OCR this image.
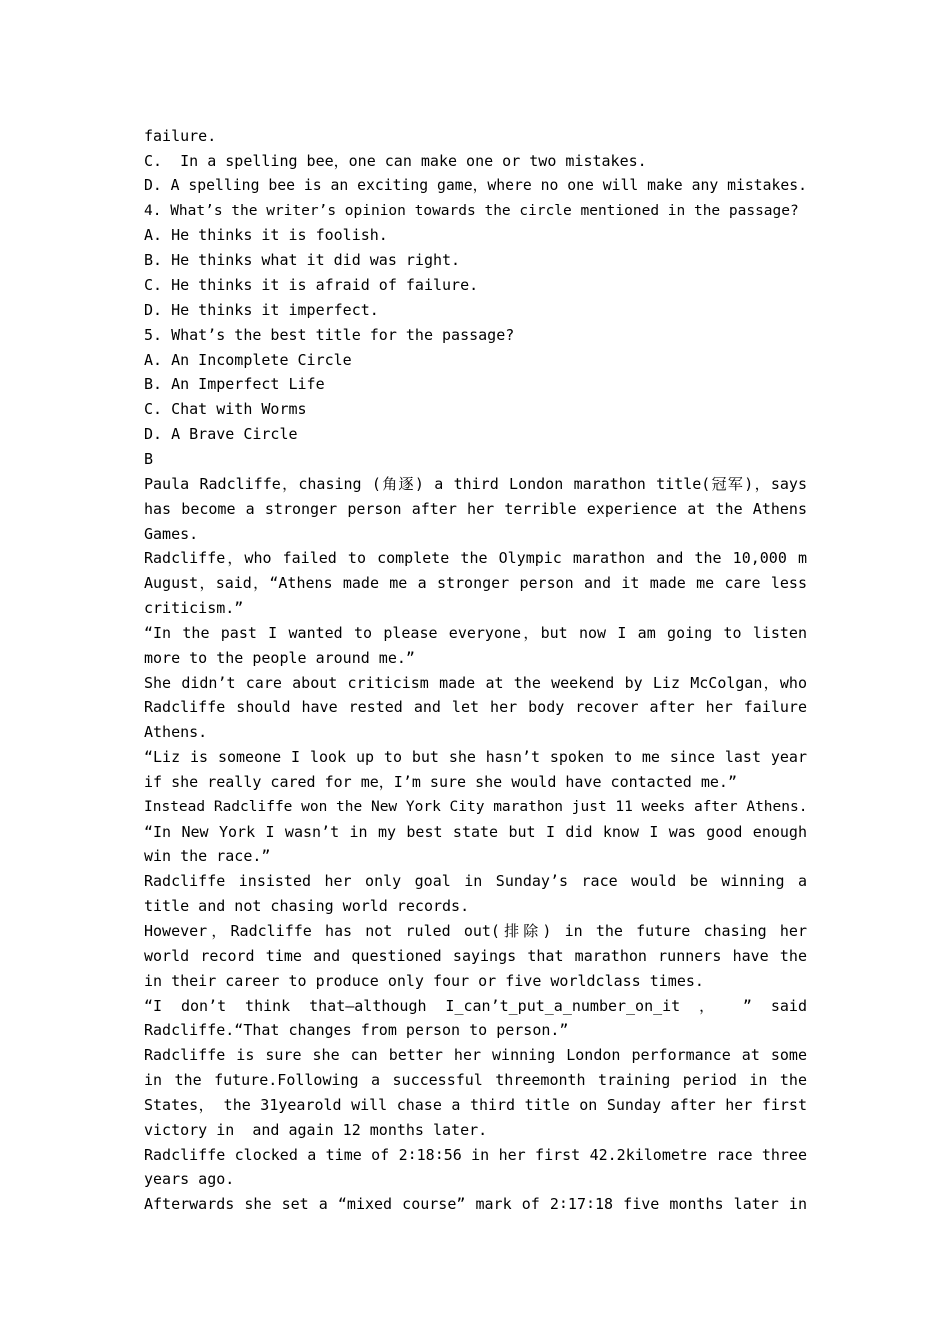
failure.
C.  In a spelling bee，one can make one or two mistakes.
D. A spelling bee is an exciting game，where no one will make any mistakes.
4. What’s the writer’s opinion towards the circle mentioned in the passage?
A. He thinks it is foolish.
B. He thinks what it did was right.
C. He thinks it is afraid of failure.
D. He thinks it imperfect.
5. What’s the best title for the passage?
A. An Incomplete Circle
B. An Imperfect Life
C. Chat with Worms
D. A Brave Circle
B
Paula Radcliffe，chasing (角逐) a third London marathon title(冠军)，says
has become a stronger person after her terrible experience at the Athens
Games.
Radcliffe，who failed to complete the Olympic marathon and the 10,000 m
August，said，“Athens made me a stronger person and it made me care less
criticism.”
“In the past I wanted to please everyone，but now I am going to listen
more to the people around me.”
She didn’t care about criticism made at the weekend by Liz McColgan，who
Radcliffe should have rested and let her body recover after her failure
Athens.
“Liz is someone I look up to but she hasn’t spoken to me since last year
if she really cared for me，I’m sure she would have contacted me.”
Instead Radcliffe won the New York City marathon just 11 weeks after Athens.
“In New York I wasn’t in my best state but I did know I was good enough
win the race.”
Radcliffe insisted her only goal in Sunday’s race would be winning a
title and not chasing world records.
However，Radcliffe has not ruled out(排除) in the future chasing her
world record time and questioned sayings that marathon runners have the
in their career to produce only four or five worldclass times.
“I don’t think that—although I_can’t_put_a_number_on_it ， ” said
Radcliffe.“That changes from person to person.”
Radcliffe is sure she can better her winning London performance at some
in the future.Following a successful threemonth training period in the
States， the 31yearold will chase a third title on Sunday after her first
victory in  and again 12 months later.
Radcliffe clocked a time of 2∶18∶56 in her first 42.2kilometre race three
years ago.
Afterwards she set a “mixed course” mark of 2∶17∶18 five months later in
